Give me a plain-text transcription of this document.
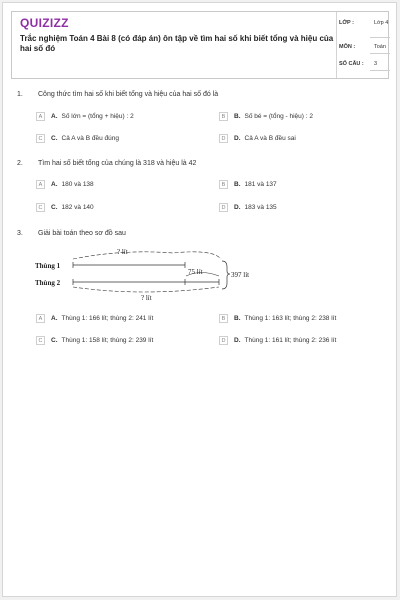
QUIZIZZ
Trắc nghiệm Toán 4 Bài 8 (có đáp án) ôn tập về tìm hai số khi biết tổng và hiệu của hai số đó
LỚP :	Lớp 4
MÔN :	Toán
SỐ CÂU : 3
1. Công thức tìm hai số khi biết tổng và hiệu của hai số đó là
A	A. Số lớn = (tổng + hiệu) : 2	B	B. Số bé = (tổng - hiệu) : 2
C	C. Cả A và B đều đúng	D	D. Cả A và B đều sai
2. Tìm hai số biết tổng của chúng là 318 và hiệu là 42
A	A. 180 và 138	B	B. 181 và 137
C	C. 182 và 140	D	D. 183 và 135
3. Giải bài toán theo sơ đồ sau
? lít
Thùng 1
Thùng 2
75 lít
? lít
397 lít
A	A. Thùng 1: 166 lít; thùng 2: 241 lít	B	B. Thùng 1: 163 lít; thùng 2: 238 lít
C	C. Thùng 1: 158 lít; thùng 2: 239 lít	D	D. Thùng 1: 161 lít; thùng 2: 236 lít
